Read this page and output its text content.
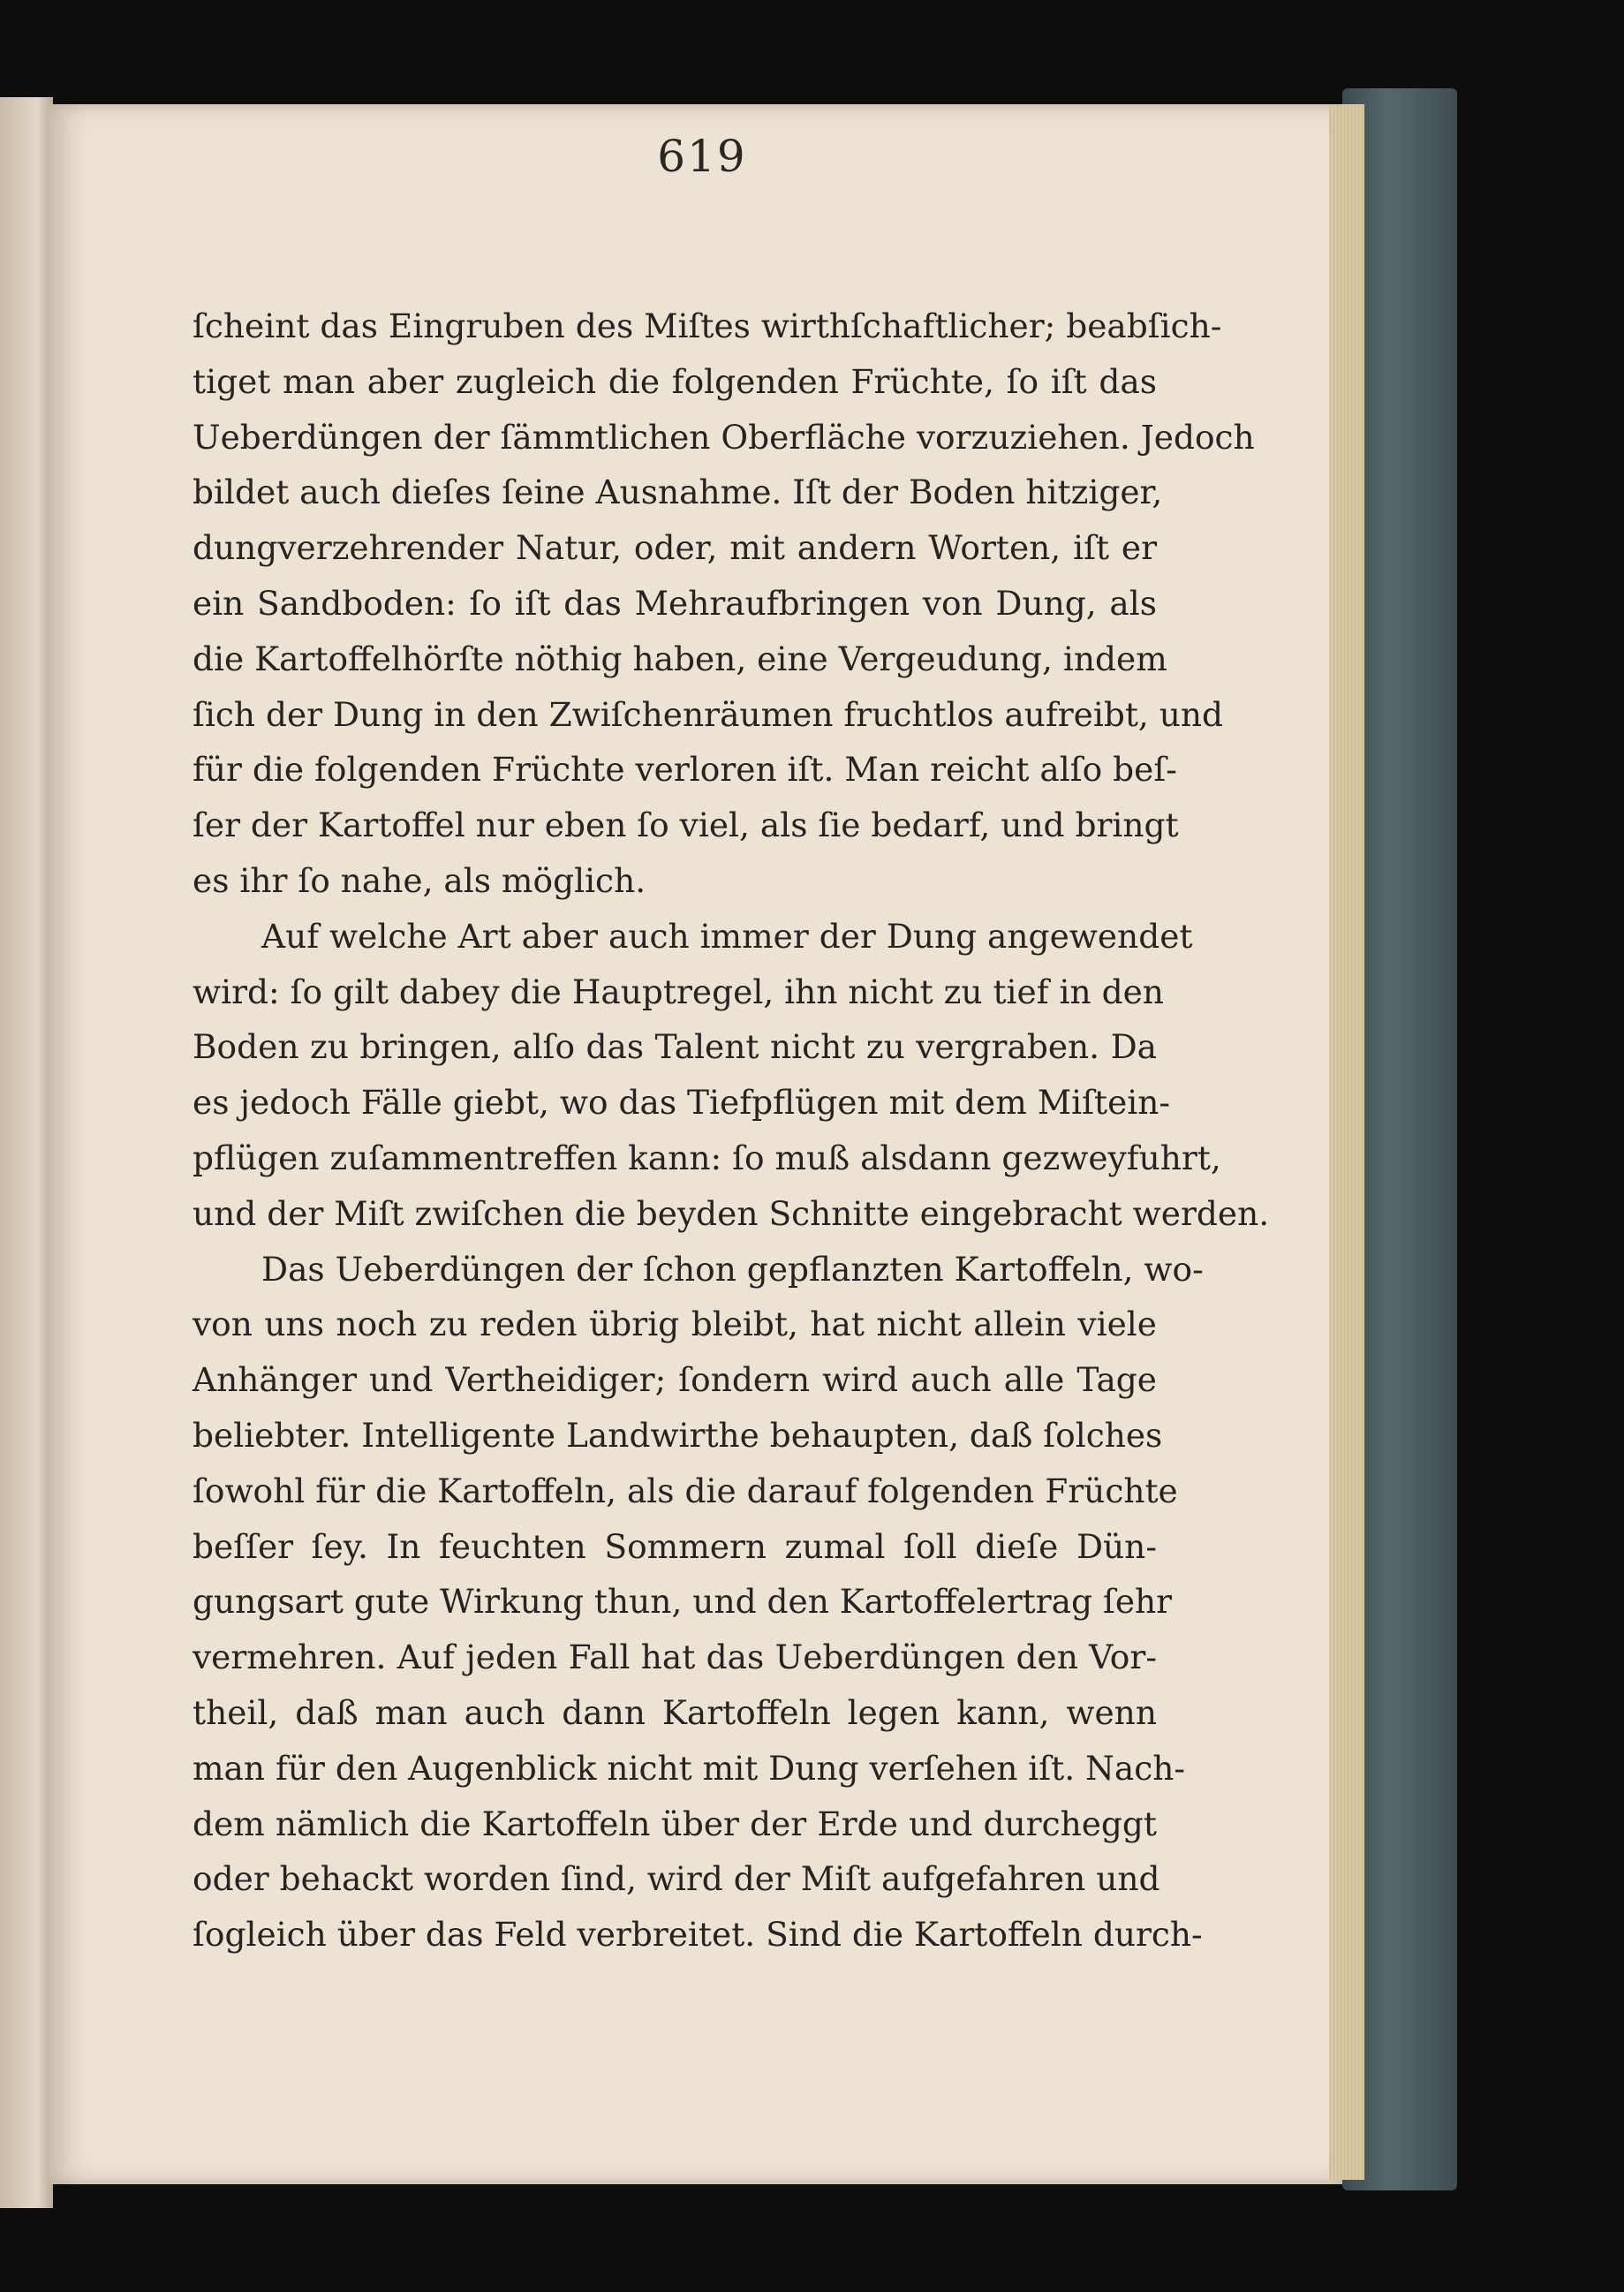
619
ſcheint das Eingruben des Miſtes wirthſchaftlicher; beabſich-
tiget man aber zugleich die folgenden Früchte, ſo iſt das
Ueberdüngen der ſämmtlichen Oberfläche vorzuziehen. Jedoch
bildet auch dieſes ſeine Ausnahme. Iſt der Boden hitziger,
dungverzehrender Natur, oder, mit andern Worten, iſt er
ein Sandboden: ſo iſt das Mehraufbringen von Dung, als
die Kartoffelhörſte nöthig haben, eine Vergeudung, indem
ſich der Dung in den Zwiſchenräumen fruchtlos aufreibt, und
für die folgenden Früchte verloren iſt. Man reicht alſo beſ-
ſer der Kartoffel nur eben ſo viel, als ſie bedarf, und bringt
es ihr ſo nahe, als möglich.
Auf welche Art aber auch immer der Dung angewendet
wird: ſo gilt dabey die Hauptregel, ihn nicht zu tief in den
Boden zu bringen, alſo das Talent nicht zu vergraben. Da
es jedoch Fälle giebt, wo das Tiefpflügen mit dem Miſtein-
pflügen zuſammentreffen kann: ſo muß alsdann gezweyfuhrt,
und der Miſt zwiſchen die beyden Schnitte eingebracht werden.
Das Ueberdüngen der ſchon gepflanzten Kartoffeln, wo-
von uns noch zu reden übrig bleibt, hat nicht allein viele
Anhänger und Vertheidiger; ſondern wird auch alle Tage
beliebter. Intelligente Landwirthe behaupten, daß ſolches
ſowohl für die Kartoffeln, als die darauf folgenden Früchte
beſſer ſey. In feuchten Sommern zumal ſoll dieſe Dün-
gungsart gute Wirkung thun, und den Kartoffelertrag ſehr
vermehren. Auf jeden Fall hat das Ueberdüngen den Vor-
theil, daß man auch dann Kartoffeln legen kann, wenn
man für den Augenblick nicht mit Dung verſehen iſt. Nach-
dem nämlich die Kartoffeln über der Erde und durcheggt
oder behackt worden ſind, wird der Miſt aufgefahren und
ſogleich über das Feld verbreitet. Sind die Kartoffeln durch-
